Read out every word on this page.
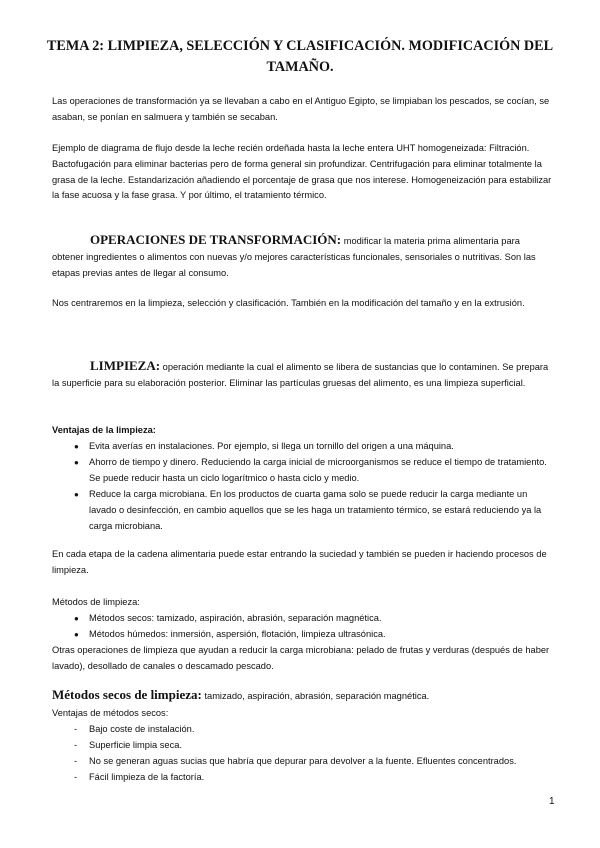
TEMA 2: LIMPIEZA, SELECCIÓN Y CLASIFICACIÓN. MODIFICACIÓN DEL TAMAÑO.
Las operaciones de transformación ya se llevaban a cabo en el Antiguo Egipto, se limpiaban los pescados, se cocían, se asaban, se ponían en salmuera y también se secaban.
Ejemplo de diagrama de flujo desde la leche recién ordeñada hasta la leche entera UHT homogeneizada: Filtración. Bactofugación para eliminar bacterias pero de forma general sin profundizar. Centrifugación para eliminar totalmente la grasa de la leche. Estandarización añadiendo el porcentaje de grasa que nos interese. Homogeneización para estabilizar la fase acuosa y la fase grasa. Y por último, el tratamiento térmico.
OPERACIONES DE TRANSFORMACIÓN: modificar la materia prima alimentaria para obtener ingredientes o alimentos con nuevas y/o mejores características funcionales, sensoriales o nutritivas. Son las etapas previas antes de llegar al consumo.
Nos centraremos en la limpieza, selección y clasificación. También en la modificación del tamaño y en la extrusión.
LIMPIEZA: operación mediante la cual el alimento se libera de sustancias que lo contaminen. Se prepara la superficie para su elaboración posterior. Eliminar las partículas gruesas del alimento, es una limpieza superficial.
Ventajas de la limpieza:
● Evita averías en instalaciones. Por ejemplo, si llega un tornillo del origen a una máquina.
● Ahorro de tiempo y dinero. Reduciendo la carga inicial de microorganismos se reduce el tiempo de tratamiento. Se puede reducir hasta un ciclo logarítmico o hasta ciclo y medio.
● Reduce la carga microbiana. En los productos de cuarta gama solo se puede reducir la carga mediante un lavado o desinfección, en cambio aquellos que se les haga un tratamiento térmico, se estará reduciendo ya la carga microbiana.
En cada etapa de la cadena alimentaria puede estar entrando la suciedad y también se pueden ir haciendo procesos de limpieza.
Métodos de limpieza:
● Métodos secos: tamizado, aspiración, abrasión, separación magnética.
● Métodos húmedos: inmersión, aspersión, flotación, limpieza ultrasónica.
Otras operaciones de limpieza que ayudan a reducir la carga microbiana: pelado de frutas y verduras (después de haber lavado), desollado de canales o descamado pescado.
Métodos secos de limpieza: tamizado, aspiración, abrasión, separación magnética.
Ventajas de métodos secos:
- Bajo coste de instalación.
- Superficie limpia seca.
- No se generan aguas sucias que habría que depurar para devolver a la fuente. Efluentes concentrados.
- Fácil limpieza de la factoría.
1
